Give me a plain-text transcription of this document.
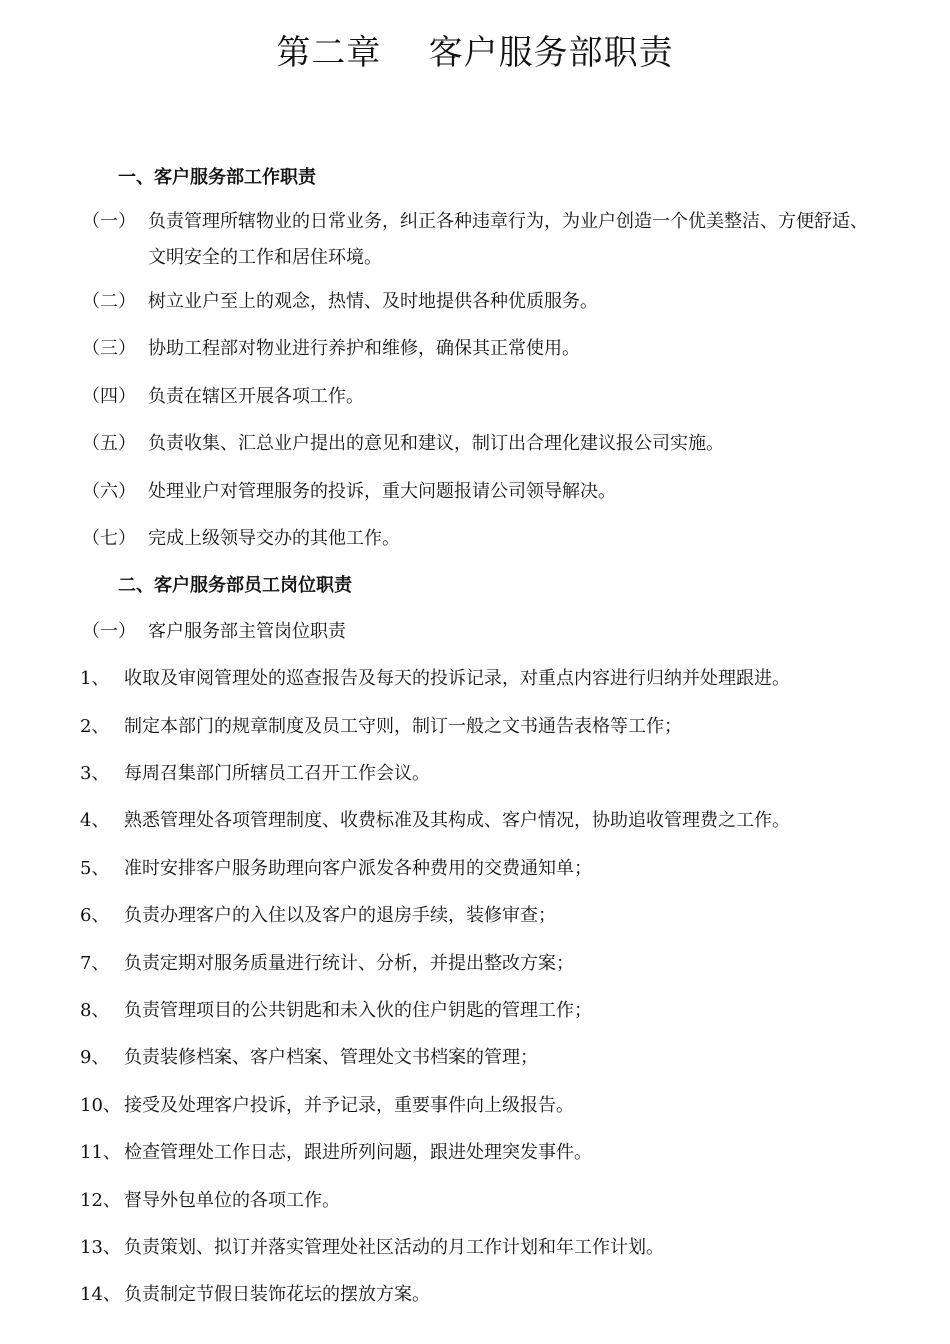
第二章    客户服务部职责
一、客户服务部工作职责
（一） 负责管理所辖物业的日常业务，纠正各种违章行为，为业户创造一个优美整洁、方便舒适、文明安全的工作和居住环境。
（二） 树立业户至上的观念，热情、及时地提供各种优质服务。
（三） 协助工程部对物业进行养护和维修，确保其正常使用。
（四） 负责在辖区开展各项工作。
（五） 负责收集、汇总业户提出的意见和建议，制订出合理化建议报公司实施。
（六） 处理业户对管理服务的投诉，重大问题报请公司领导解决。
（七） 完成上级领导交办的其他工作。
二、客户服务部员工岗位职责
（一） 客户服务部主管岗位职责
1、 收取及审阅管理处的巡查报告及每天的投诉记录，对重点内容进行归纳并处理跟进。
2、 制定本部门的规章制度及员工守则，制订一般之文书通告表格等工作；
3、 每周召集部门所辖员工召开工作会议。
4、 熟悉管理处各项管理制度、收费标准及其构成、客户情况，协助追收管理费之工作。
5、 准时安排客户服务助理向客户派发各种费用的交费通知单；
6、 负责办理客户的入住以及客户的退房手续，装修审查；
7、 负责定期对服务质量进行统计、分析，并提出整改方案；
8、 负责管理项目的公共钥匙和未入伙的住户钥匙的管理工作；
9、 负责装修档案、客户档案、管理处文书档案的管理；
10、 接受及处理客户投诉，并予记录，重要事件向上级报告。
11、 检查管理处工作日志，跟进所列问题，跟进处理突发事件。
12、 督导外包单位的各项工作。
13、 负责策划、拟订并落实管理处社区活动的月工作计划和年工作计划。
14、 负责制定节假日装饰花坛的摆放方案。
